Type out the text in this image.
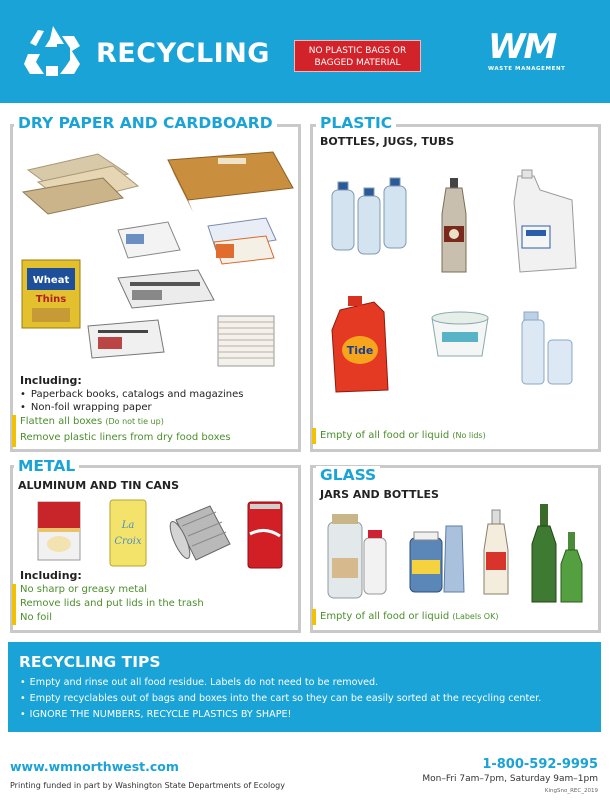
RECYCLING	NO PLASTIC BAGS OR
BAGGED MATERIAL	WM
WASTE MANAGEMENT
DRY PAPER AND CARDBOARD
Wheat
Thins
Including:
• Paperback books, catalogs and magazines
• Non-foil wrapping paper
Flatten all boxes (Do not tie up)
Remove plastic liners from dry food boxes
PLASTIC
BOTTLES, JUGS, TUBS
Tide
Empty of all food or liquid (No lids)
METAL
ALUMINUM AND TIN CANS
La
Croix
Including:
No sharp or greasy metal
Remove lids and put lids in the trash
No foil
GLASS
JARS AND BOTTLES
Empty of all food or liquid (Labels OK)
RECYCLING TIPS
• Empty and rinse out all food residue. Labels do not need to be removed.
• Empty recyclables out of bags and boxes into the cart so they can be easily sorted at the recycling center.
• IGNORE THE NUMBERS, RECYCLE PLASTICS BY SHAPE!
www.wmnorthwest.com
Printing funded in part by Washington State Departments of Ecology
1-800-592-9995
Mon–Fri 7am–7pm, Saturday 9am–1pm
KingSno_REC_2019
